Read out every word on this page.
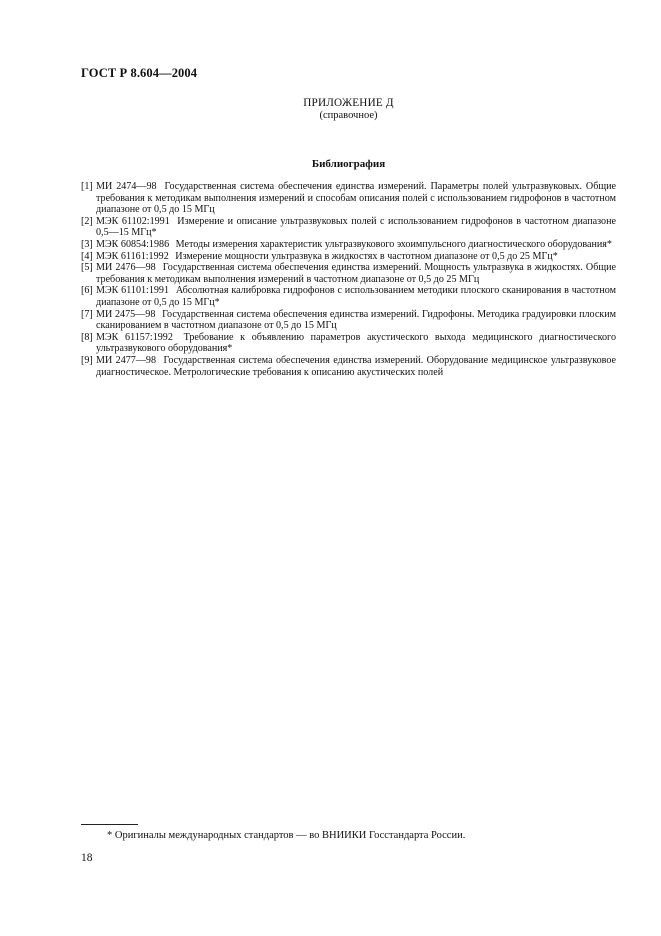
ГОСТ Р 8.604—2004
ПРИЛОЖЕНИЕ Д
(справочное)
Библиография
[1] МИ 2474—98 Государственная система обеспечения единства измерений. Параметры полей ультразвуковых. Общие требования к методикам выполнения измерений и способам описания полей с использованием гидрофонов в частотном диапазоне от 0,5 до 15 МГц
[2] МЭК 61102:1991 Измерение и описание ультразвуковых полей с использованием гидрофонов в частотном диапазоне 0,5—15 МГц*
[3] МЭК 60854:1986 Методы измерения характеристик ультразвукового эхоимпульсного диагностического оборудования*
[4] МЭК 61161:1992 Измерение мощности ультразвука в жидкостях в частотном диапазоне от 0,5 до 25 МГц*
[5] МИ 2476—98 Государственная система обеспечения единства измерений. Мощность ультразвука в жидкостях. Общие требования к методикам выполнения измерений в частотном диапазоне от 0,5 до 25 МГц
[6] МЭК 61101:1991 Абсолютная калибровка гидрофонов с использованием методики плоского сканирования в частотном диапазоне от 0,5 до 15 МГц*
[7] МИ 2475—98 Государственная система обеспечения единства измерений. Гидрофоны. Методика градуировки плоским сканированием в частотном диапазоне от 0,5 до 15 МГц
[8] МЭК 61157:1992 Требование к объявлению параметров акустического выхода медицинского диагностического ультразвукового оборудования*
[9] МИ 2477—98 Государственная система обеспечения единства измерений. Оборудование медицинское ультразвуковое диагностическое. Метрологические требования к описанию акустических полей
* Оригиналы международных стандартов — во ВНИИКИ Госстандарта России.
18
